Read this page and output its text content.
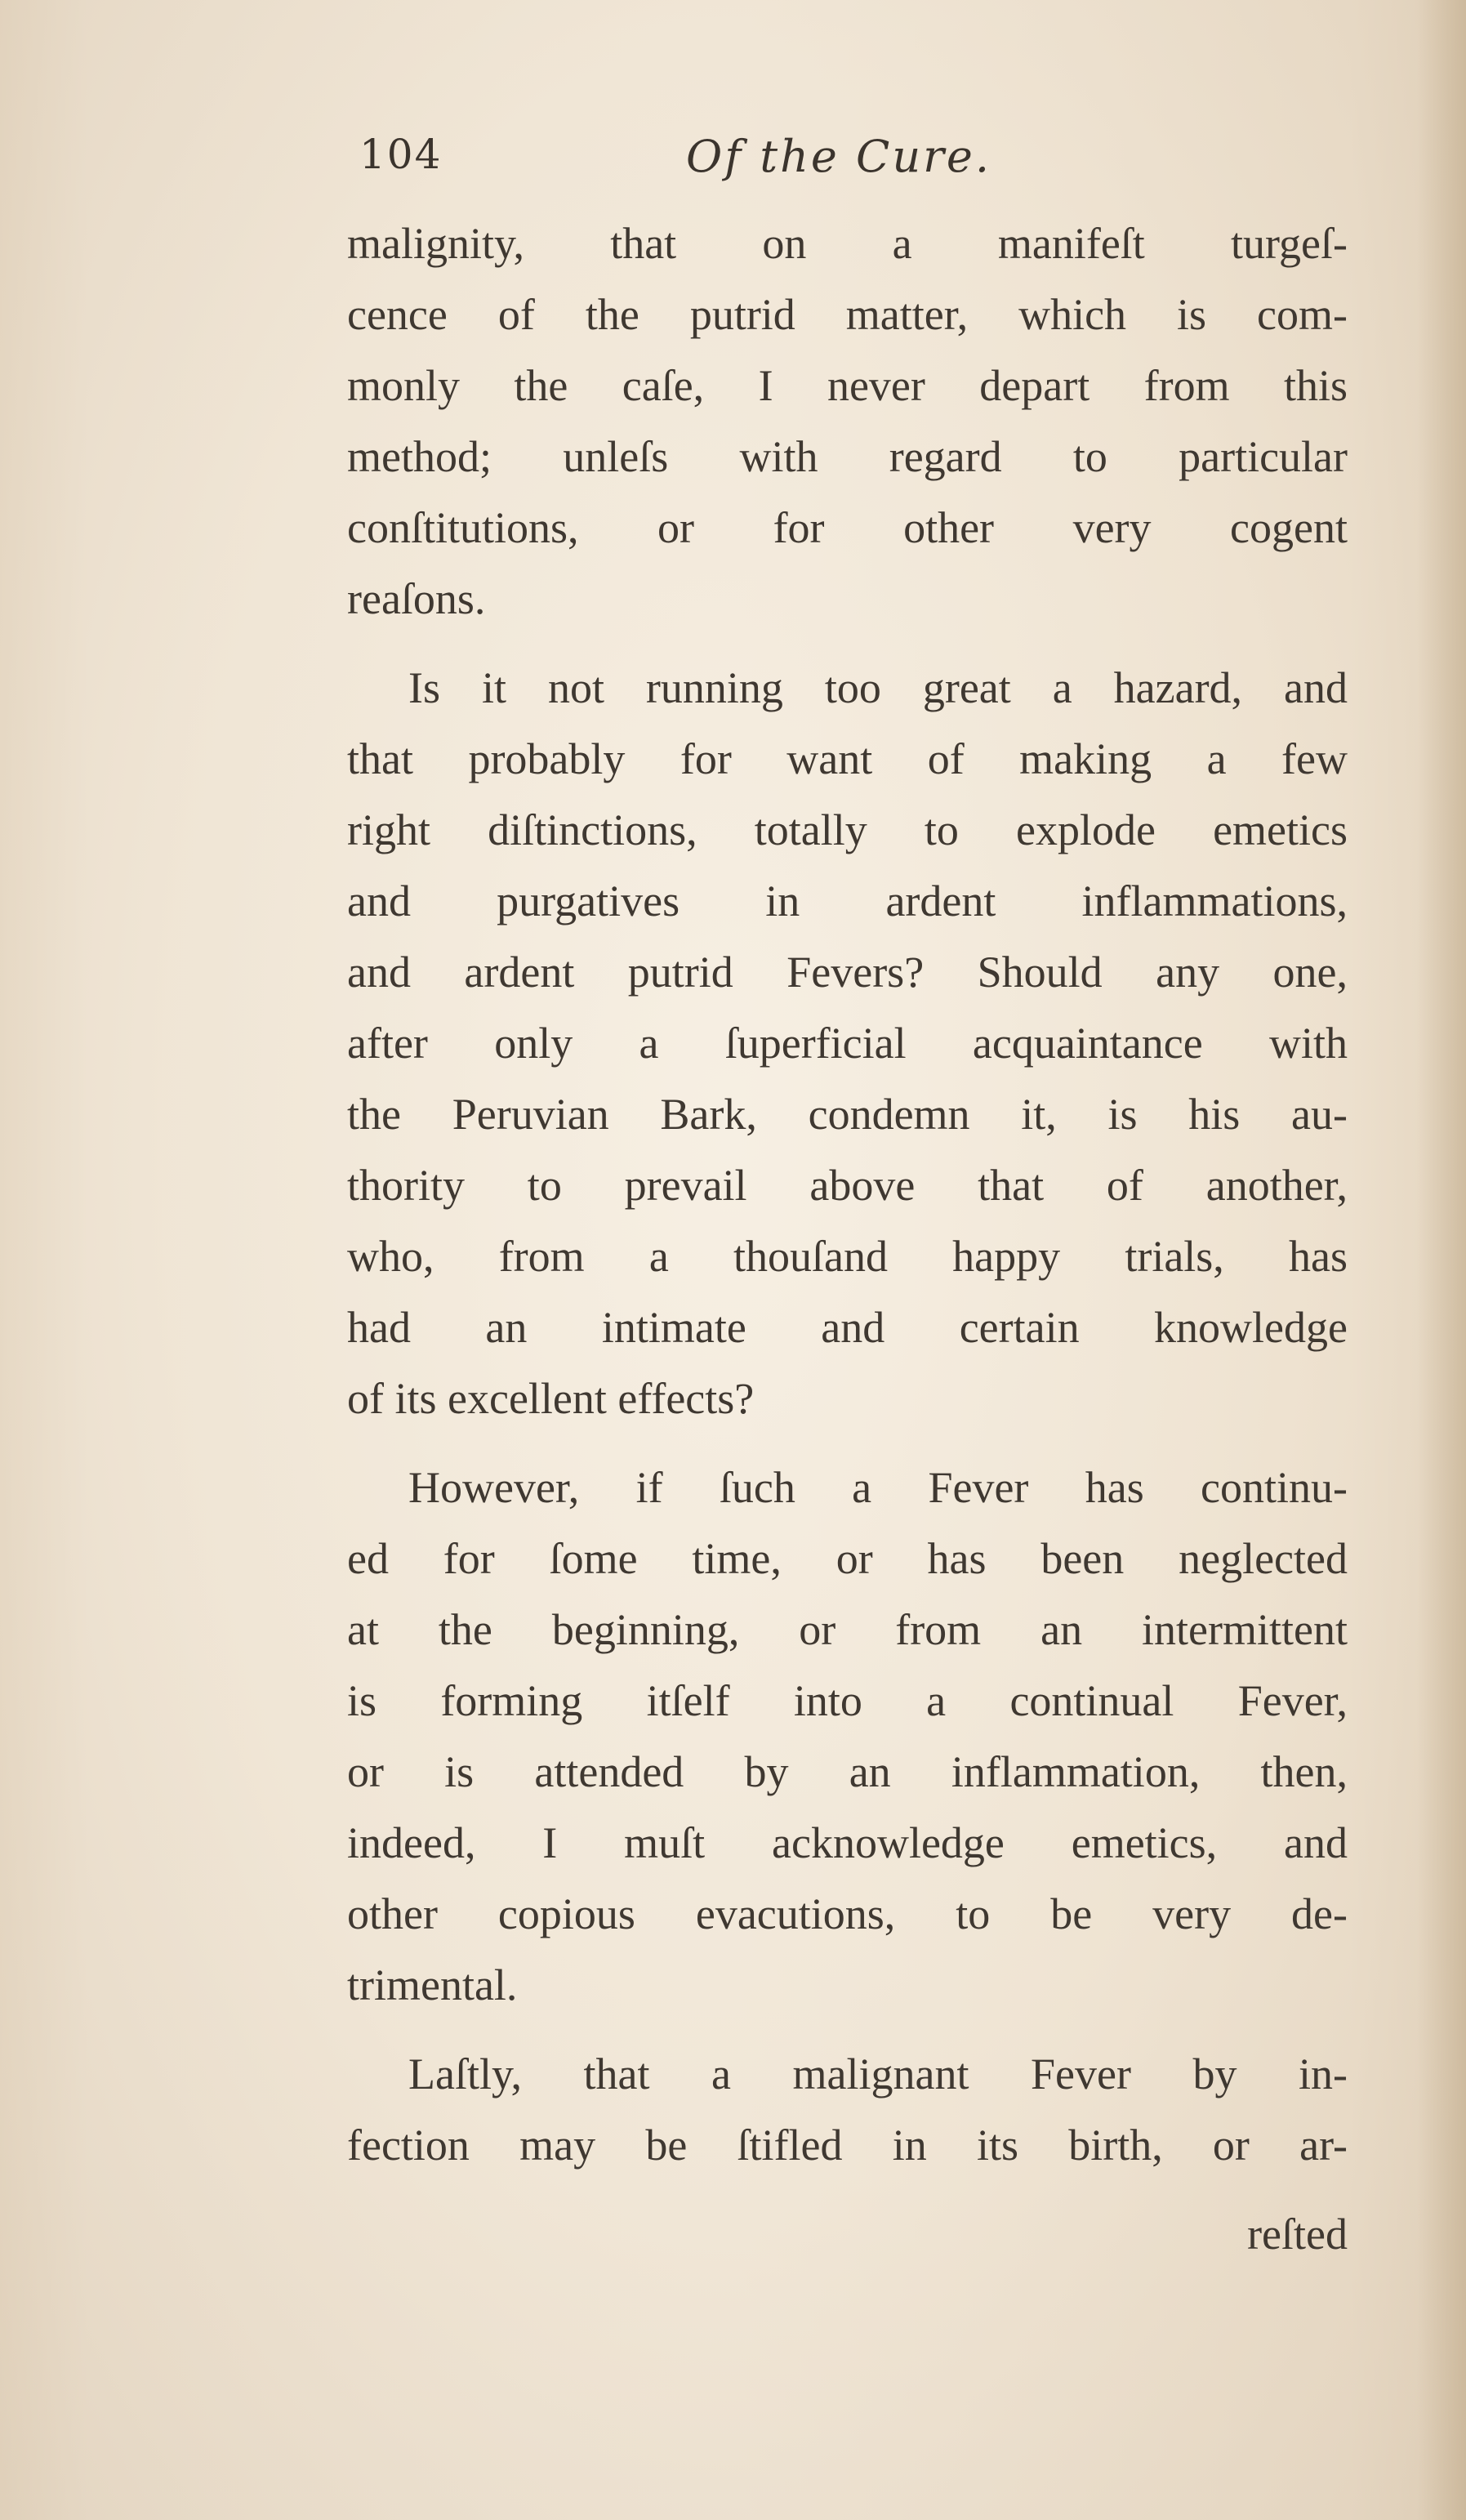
104	Of the Cure.
malignity, that on a manifeſt turgeſ-
cence of the putrid matter, which is com-
monly the caſe, I never depart from this
method; unleſs with regard to particular
conſtitutions, or for other very cogent
reaſons.
Is it not running too great a hazard, and
that probably for want of making a few
right diſtinctions, totally to explode emetics
and purgatives in ardent inflammations,
and ardent putrid Fevers? Should any one,
after only a ſuperficial acquaintance with
the Peruvian Bark, condemn it, is his au-
thority to prevail above that of another,
who, from a thouſand happy trials, has
had an intimate and certain knowledge
of its excellent effects?
However, if ſuch a Fever has continu-
ed for ſome time, or has been neglected
at the beginning, or from an intermittent
is forming itſelf into a continual Fever,
or is attended by an inflammation, then,
indeed, I muſt acknowledge emetics, and
other copious evacutions, to be very de-
trimental.
Laſtly, that a malignant Fever by in-
fection may be ſtifled in its birth, or ar-
reſted
